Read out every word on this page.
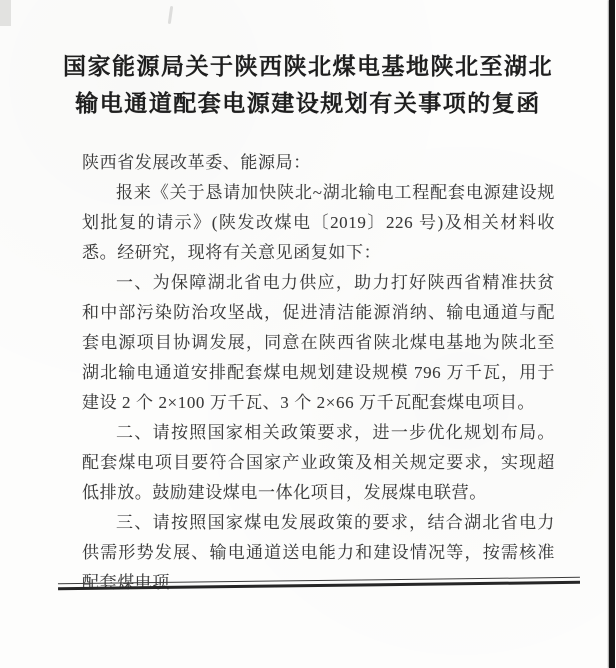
国家能源局关于陕西陕北煤电基地陕北至湖北
输电通道配套电源建设规划有关事项的复函

陕西省发展改革委、能源局：

报来《关于恳请加快陕北~湖北输电工程配套电源建设规划批复的请示》(陕发改煤电〔2019〕226 号)及相关材料收悉。经研究，现将有关意见函复如下：

一、为保障湖北省电力供应，助力打好陕西省精准扶贫和中部污染防治攻坚战，促进清洁能源消纳、输电通道与配套电源项目协调发展，同意在陕西省陕北煤电基地为陕北至湖北输电通道安排配套煤电规划建设规模 796 万千瓦，用于建设 2 个 2×100 万千瓦、3 个 2×66 万千瓦配套煤电项目。

二、请按照国家相关政策要求，进一步优化规划布局。配套煤电项目要符合国家产业政策及相关规定要求，实现超低排放。鼓励建设煤电一体化项目，发展煤电联营。

三、请按照国家煤电发展政策的要求，结合湖北省电力供需形势发展、输电通道送电能力和建设情况等，按需核准配套煤电项
